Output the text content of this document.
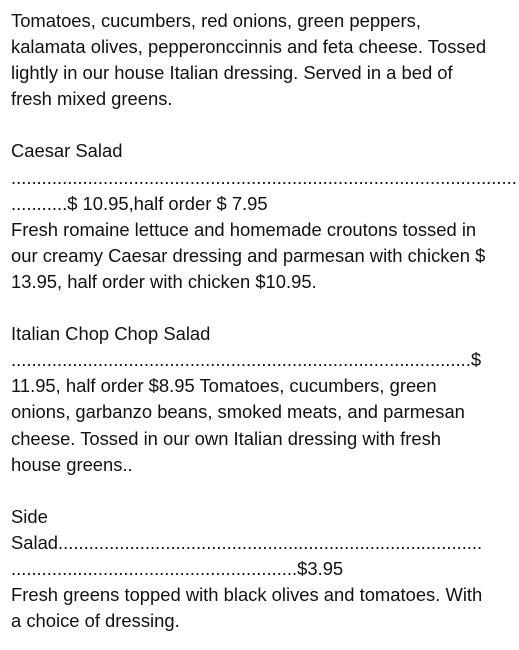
Tomatoes, cucumbers, red onions, green peppers,
kalamata olives, pepperonccinnis and feta cheese. Tossed
lightly in our house Italian dressing. Served in a bed of
fresh mixed greens.
Caesar Salad
...................................................................................................
...........$ 10.95,half order $ 7.95
Fresh romaine lettuce and homemade croutons tossed in
our creamy Caesar dressing and parmesan with chicken $
13.95, half order with chicken $10.95.
Italian Chop Chop Salad
..........................................................................................$
11.95, half order $8.95 Tomatoes, cucumbers, green
onions, garbanzo beans, smoked meats, and parmesan
cheese. Tossed in our own Italian dressing with fresh
house greens..
Side
Salad...................................................................................
........................................................$3.95
Fresh greens topped with black olives and tomatoes. With
a choice of dressing.
